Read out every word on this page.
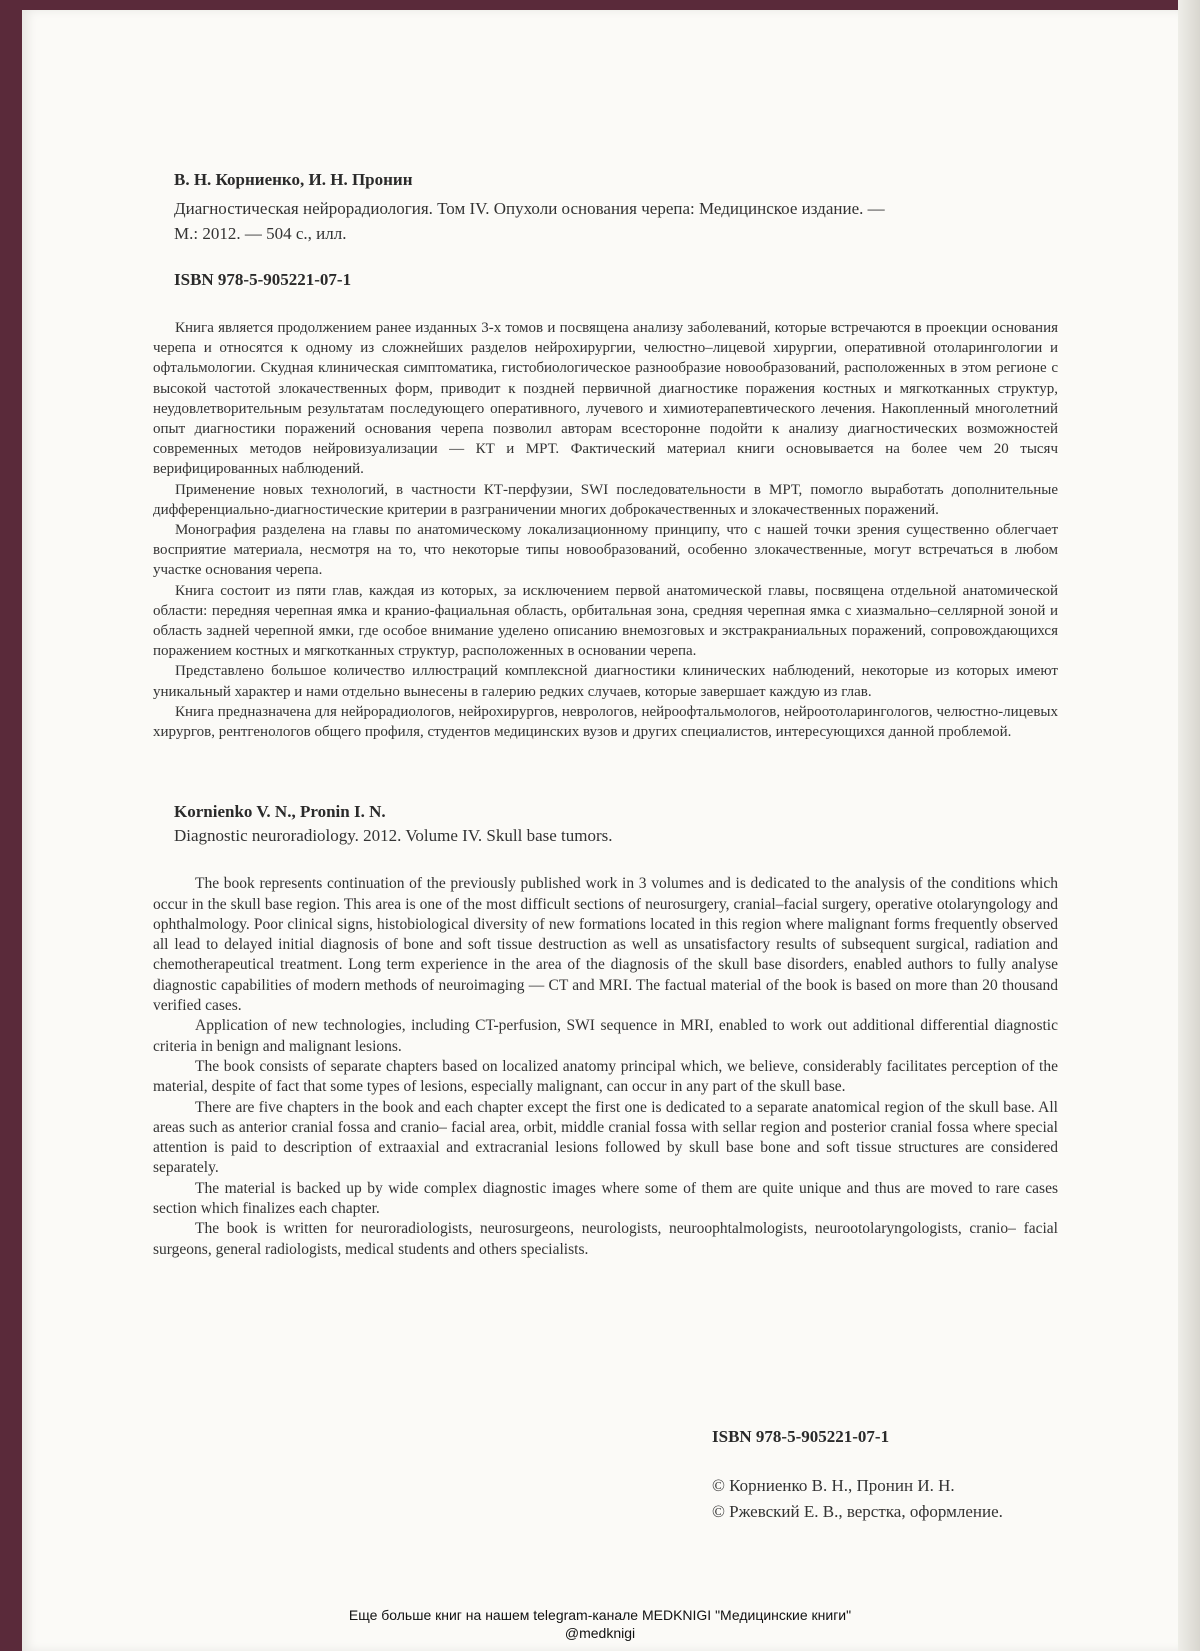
В. Н. Корниенко, И. Н. Пронин
Диагностическая нейрорадиология. Том IV. Опухоли основания черепа: Медицинское издание. —
М.: 2012. — 504 с., илл.
ISBN 978-5-905221-07-1

Книга является продолжением ранее изданных 3-х томов и посвящена анализу заболеваний, которые встречаются в проекции основания черепа и относятся к одному из сложнейших разделов нейрохирургии, челюстно–лицевой хирургии, оперативной отоларингологии и офтальмологии. Скудная клиническая симптоматика, гистобиологическое разнообразие новообразований, расположенных в этом регионе с высокой частотой злокачественных форм, приводит к поздней первичной диагностике поражения костных и мягкотканных структур, неудовлетворительным результатам последующего оперативного, лучевого и химиотерапевтического лечения. Накопленный многолетний опыт диагностики поражений основания черепа позволил авторам всесторонне подойти к анализу диагностических возможностей современных методов нейровизуализации — КТ и МРТ. Фактический материал книги основывается на более чем 20 тысяч верифицированных наблюдений.

Применение новых технологий, в частности КТ-перфузии, SWI последовательности в МРТ, помогло выработать дополнительные дифференциально-диагностические критерии в разграничении многих доброкачественных и злокачественных поражений.

Монография разделена на главы по анатомическому локализационному принципу, что с нашей точки зрения существенно облегчает восприятие материала, несмотря на то, что некоторые типы новообразований, особенно злокачественные, могут встречаться в любом участке основания черепа.

Книга состоит из пяти глав, каждая из которых, за исключением первой анатомической главы, посвящена отдельной анатомической области: передняя черепная ямка и кранио-фациальная область, орбитальная зона, средняя черепная ямка с хиазмально–селлярной зоной и область задней черепной ямки, где особое внимание уделено описанию внемозговых и экстракраниальных поражений, сопровождающихся поражением костных и мягкотканных структур, расположенных в основании черепа.

Представлено большое количество иллюстраций комплексной диагностики клинических наблюдений, некоторые из которых имеют уникальный характер и нами отдельно вынесены в галерию редких случаев, которые завершает каждую из глав.

Книга предназначена для нейрорадиологов, нейрохирургов, неврологов, нейроофтальмологов, нейроотоларингологов, челюстно-лицевых хирургов, рентгенологов общего профиля, студентов медицинских вузов и других специалистов, интересующихся данной проблемой.

Kornienko V. N., Pronin I. N.
Diagnostic neuroradiology. 2012. Volume IV. Skull base tumors.

The book represents continuation of the previously published work in 3 volumes and is dedicated to the analysis of the conditions which occur in the skull base region. This area is one of the most difficult sections of neurosurgery, cranial–facial surgery, operative otolaryngology and ophthalmology. Poor clinical signs, histobiological diversity of new formations located in this region where malignant forms frequently observed all lead to delayed initial diagnosis of bone and soft tissue destruction as well as unsatisfactory results of subsequent surgical, radiation and chemotherapeutical treatment. Long term experience in the area of the diagnosis of the skull base disorders, enabled authors to fully analyse diagnostic capabilities of modern methods of neuroimaging — CT and MRI. The factual material of the book is based on more than 20 thousand verified cases.

Application of new technologies, including CT-perfusion, SWI sequence in MRI, enabled to work out additional differential diagnostic criteria in benign and malignant lesions.

The book consists of separate chapters based on localized anatomy principal which, we believe, considerably facilitates perception of the material, despite of fact that some types of lesions, especially malignant, can occur in any part of the skull base.

There are five chapters in the book and each chapter except the first one is dedicated to a separate anatomical region of the skull base. All areas such as anterior cranial fossa and cranio– facial area, orbit, middle cranial fossa with sellar region and posterior cranial fossa where special attention is paid to description of extraaxial and extracranial lesions followed by skull base bone and soft tissue structures are considered separately.

The material is backed up by wide complex diagnostic images where some of them are quite unique and thus are moved to rare cases section which finalizes each chapter.

The book is written for neuroradiologists, neurosurgeons, neurologists, neuroophtalmologists, neurootolaryngologists, cranio– facial surgeons, general radiologists, medical students and others specialists.

ISBN 978-5-905221-07-1
© Корниенко В. Н., Пронин И. Н.
© Ржевский Е. В., верстка, оформление.
Еще больше книг на нашем telegram-канале MEDKNIGI "Медицинские книги"
@medknigi
